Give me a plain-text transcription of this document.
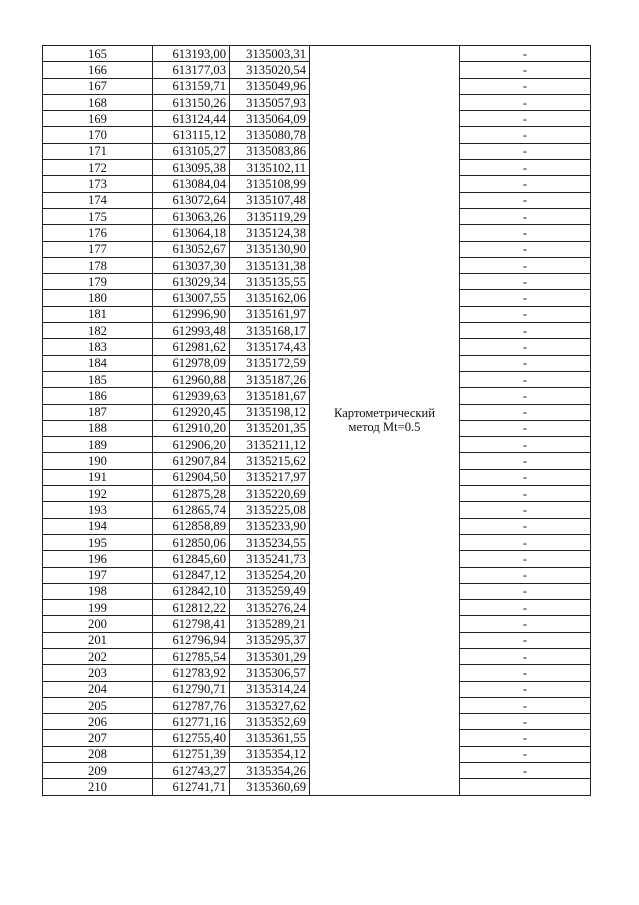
165	613193,00	3135003,31	Картометрический
метод Mt=0.5	-
166	613177,03	3135020,54		-
167	613159,71	3135049,96		-
168	613150,26	3135057,93		-
169	613124,44	3135064,09		-
170	613115,12	3135080,78		-
171	613105,27	3135083,86		-
172	613095,38	3135102,11		-
173	613084,04	3135108,99		-
174	613072,64	3135107,48		-
175	613063,26	3135119,29		-
176	613064,18	3135124,38		-
177	613052,67	3135130,90		-
178	613037,30	3135131,38		-
179	613029,34	3135135,55		-
180	613007,55	3135162,06		-
181	612996,90	3135161,97		-
182	612993,48	3135168,17		-
183	612981,62	3135174,43		-
184	612978,09	3135172,59		-
185	612960,88	3135187,26		-
186	612939,63	3135181,67		-
187	612920,45	3135198,12		-
188	612910,20	3135201,35		-
189	612906,20	3135211,12		-
190	612907,84	3135215,62		-
191	612904,50	3135217,97		-
192	612875,28	3135220,69		-
193	612865,74	3135225,08		-
194	612858,89	3135233,90		-
195	612850,06	3135234,55		-
196	612845,60	3135241,73		-
197	612847,12	3135254,20		-
198	612842,10	3135259,49		-
199	612812,22	3135276,24		-
200	612798,41	3135289,21		-
201	612796,94	3135295,37		-
202	612785,54	3135301,29		-
203	612783,92	3135306,57		-
204	612790,71	3135314,24		-
205	612787,76	3135327,62		-
206	612771,16	3135352,69		-
207	612755,40	3135361,55		-
208	612751,39	3135354,12		-
209	612743,27	3135354,26		-
210	612741,71	3135360,69		
